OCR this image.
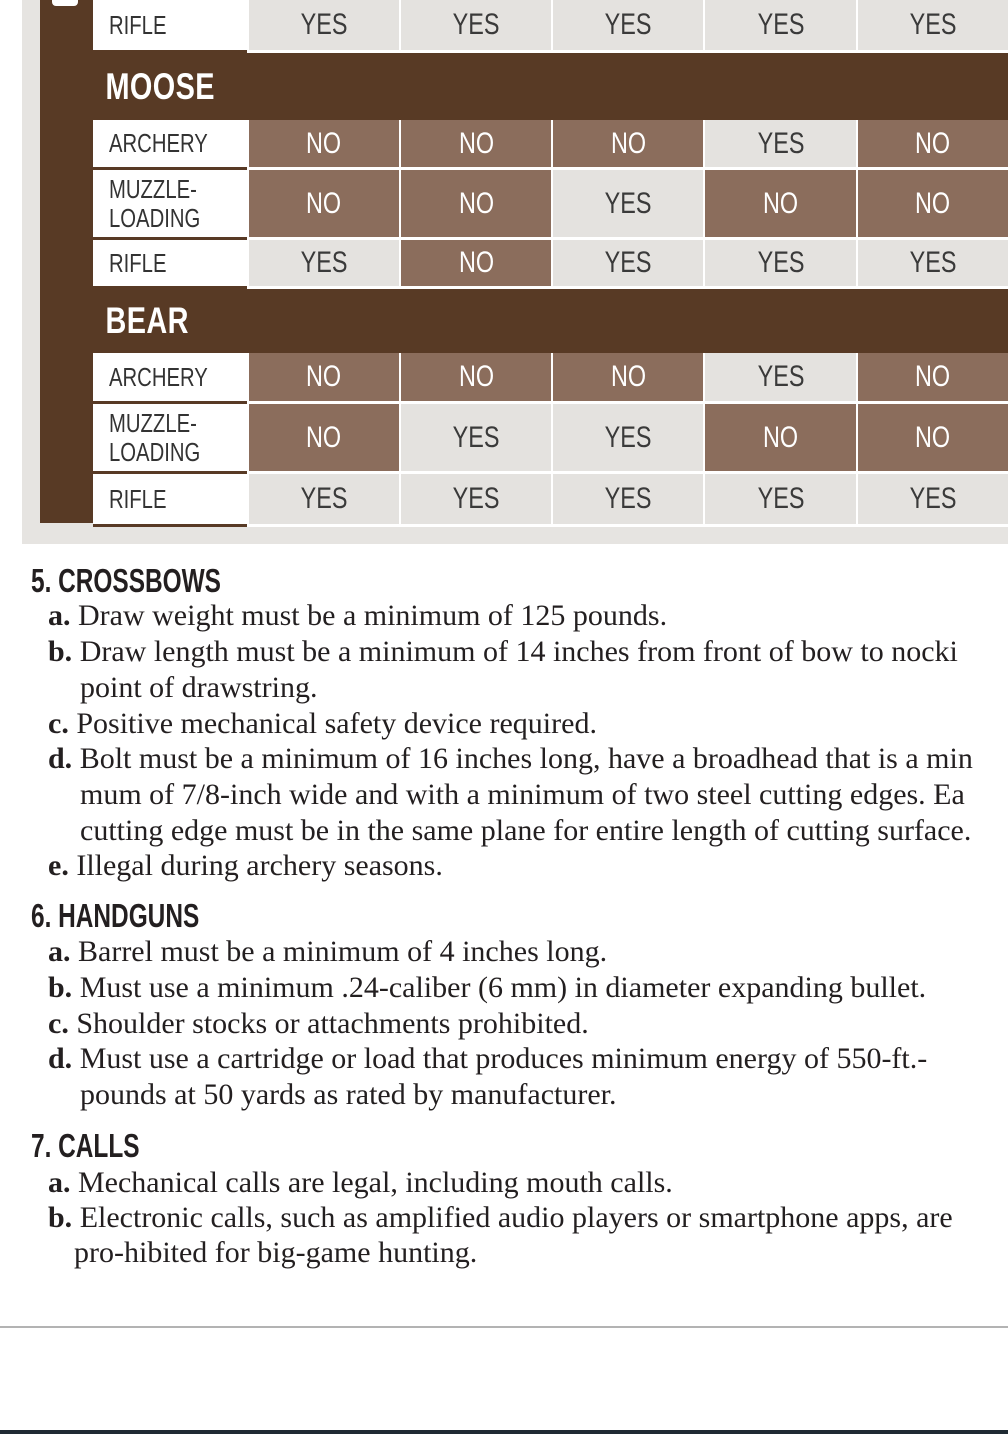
RIFLE	YES	YES	YES	YES	YES
MOOSE
ARCHERY	NO	NO	NO	YES	NO
MUZZLE-
LOADING	NO	NO	YES	NO	NO
RIFLE	YES	NO	YES	YES	YES
BEAR
ARCHERY	NO	NO	NO	YES	NO
MUZZLE-
LOADING	NO	YES	YES	NO	NO
RIFLE	YES	YES	YES	YES	YES
5. CROSSBOWS
a. Draw weight must be a minimum of 125 pounds.
b. Draw length must be a minimum of 14 inches from front of bow to nocki
point of drawstring.
c. Positive mechanical safety device required.
d. Bolt must be a minimum of 16 inches long, have a broadhead that is a min
mum of 7/8-inch wide and with a minimum of two steel cutting edges. Ea
cutting edge must be in the same plane for entire length of cutting surface.
e. Illegal during archery seasons.
6. HANDGUNS
a. Barrel must be a minimum of 4 inches long.
b. Must use a minimum .24-caliber (6 mm) in diameter expanding bullet.
c. Shoulder stocks or attachments prohibited.
d. Must use a cartridge or load that produces minimum energy of 550-ft.-
pounds at 50 yards as rated by manufacturer.
7. CALLS
a. Mechanical calls are legal, including mouth calls.
b. Electronic calls, such as amplified audio players or smartphone apps, are
pro-hibited for big-game hunting.
